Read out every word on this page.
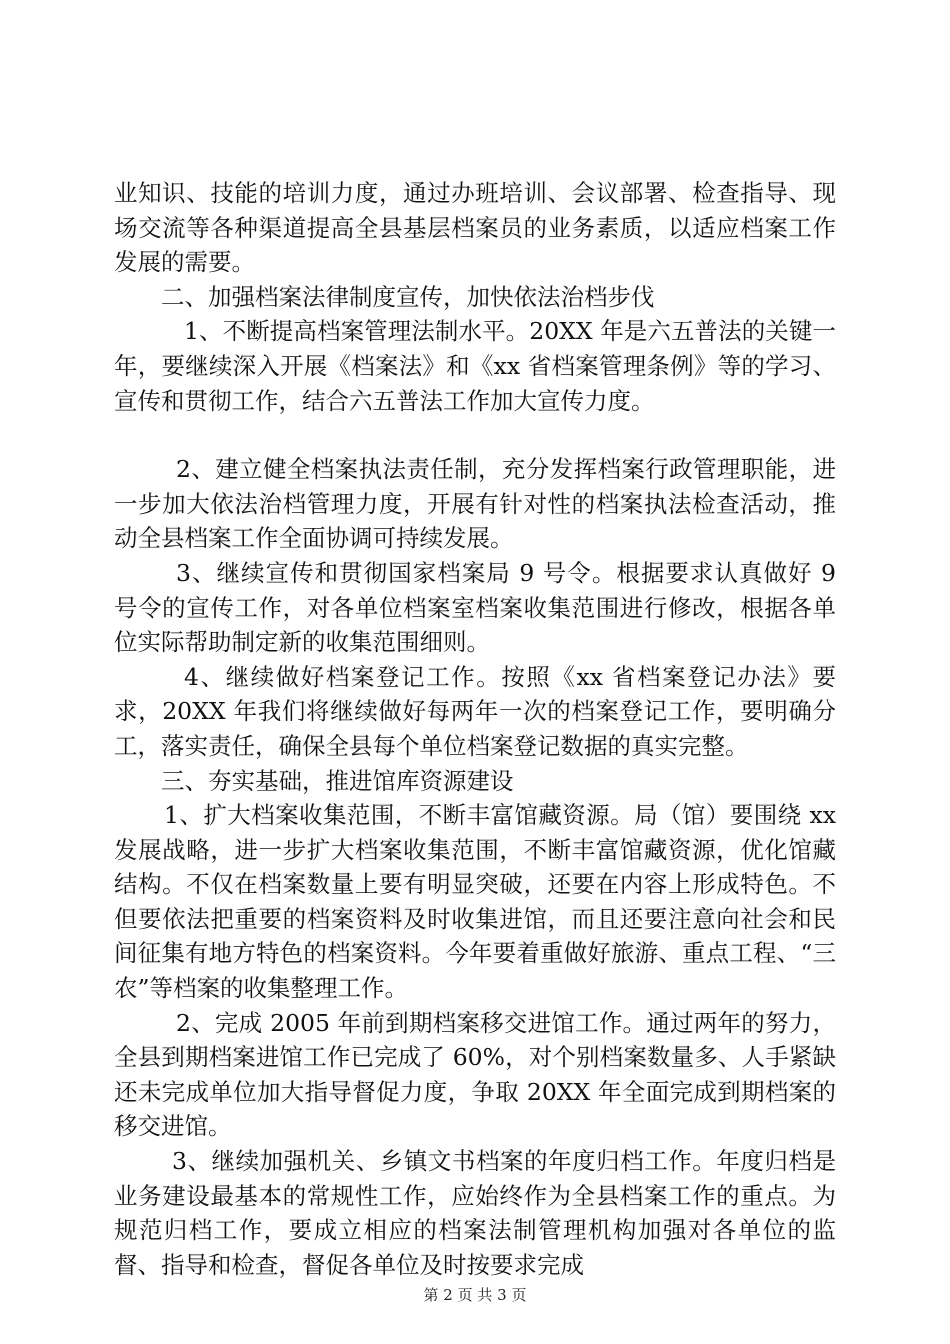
业知识、技能的培训力度，通过办班培训、会议部署、检查指导、现场交流等各种渠道提高全县基层档案员的业务素质，以适应档案工作发展的需要。

二、加强档案法律制度宣传，加快依法治档步伐

1、不断提高档案管理法制水平。20XX 年是六五普法的关键一年，要继续深入开展《档案法》和《xx 省档案管理条例》等的学习、宣传和贯彻工作，结合六五普法工作加大宣传力度。

2、建立健全档案执法责任制，充分发挥档案行政管理职能，进一步加大依法治档管理力度，开展有针对性的档案执法检查活动，推动全县档案工作全面协调可持续发展。

3、继续宣传和贯彻国家档案局 9 号令。根据要求认真做好 9 号令的宣传工作，对各单位档案室档案收集范围进行修改，根据各单位实际帮助制定新的收集范围细则。

4、继续做好档案登记工作。按照《xx 省档案登记办法》要求，20XX 年我们将继续做好每两年一次的档案登记工作，要明确分工，落实责任，确保全县每个单位档案登记数据的真实完整。

三、夯实基础，推进馆库资源建设

1、扩大档案收集范围，不断丰富馆藏资源。局（馆）要围绕 xx 发展战略，进一步扩大档案收集范围，不断丰富馆藏资源，优化馆藏结构。不仅在档案数量上要有明显突破，还要在内容上形成特色。不但要依法把重要的档案资料及时收集进馆，而且还要注意向社会和民间征集有地方特色的档案资料。今年要着重做好旅游、重点工程、“三农”等档案的收集整理工作。

2、完成 2005 年前到期档案移交进馆工作。通过两年的努力，全县到期档案进馆工作已完成了 60%，对个别档案数量多、人手紧缺还未完成单位加大指导督促力度，争取 20XX 年全面完成到期档案的移交进馆。

3、继续加强机关、乡镇文书档案的年度归档工作。年度归档是业务建设最基本的常规性工作，应始终作为全县档案工作的重点。为规范归档工作，要成立相应的档案法制管理机构加强对各单位的监督、指导和检查，督促各单位及时按要求完成

第 2 页 共 3 页
